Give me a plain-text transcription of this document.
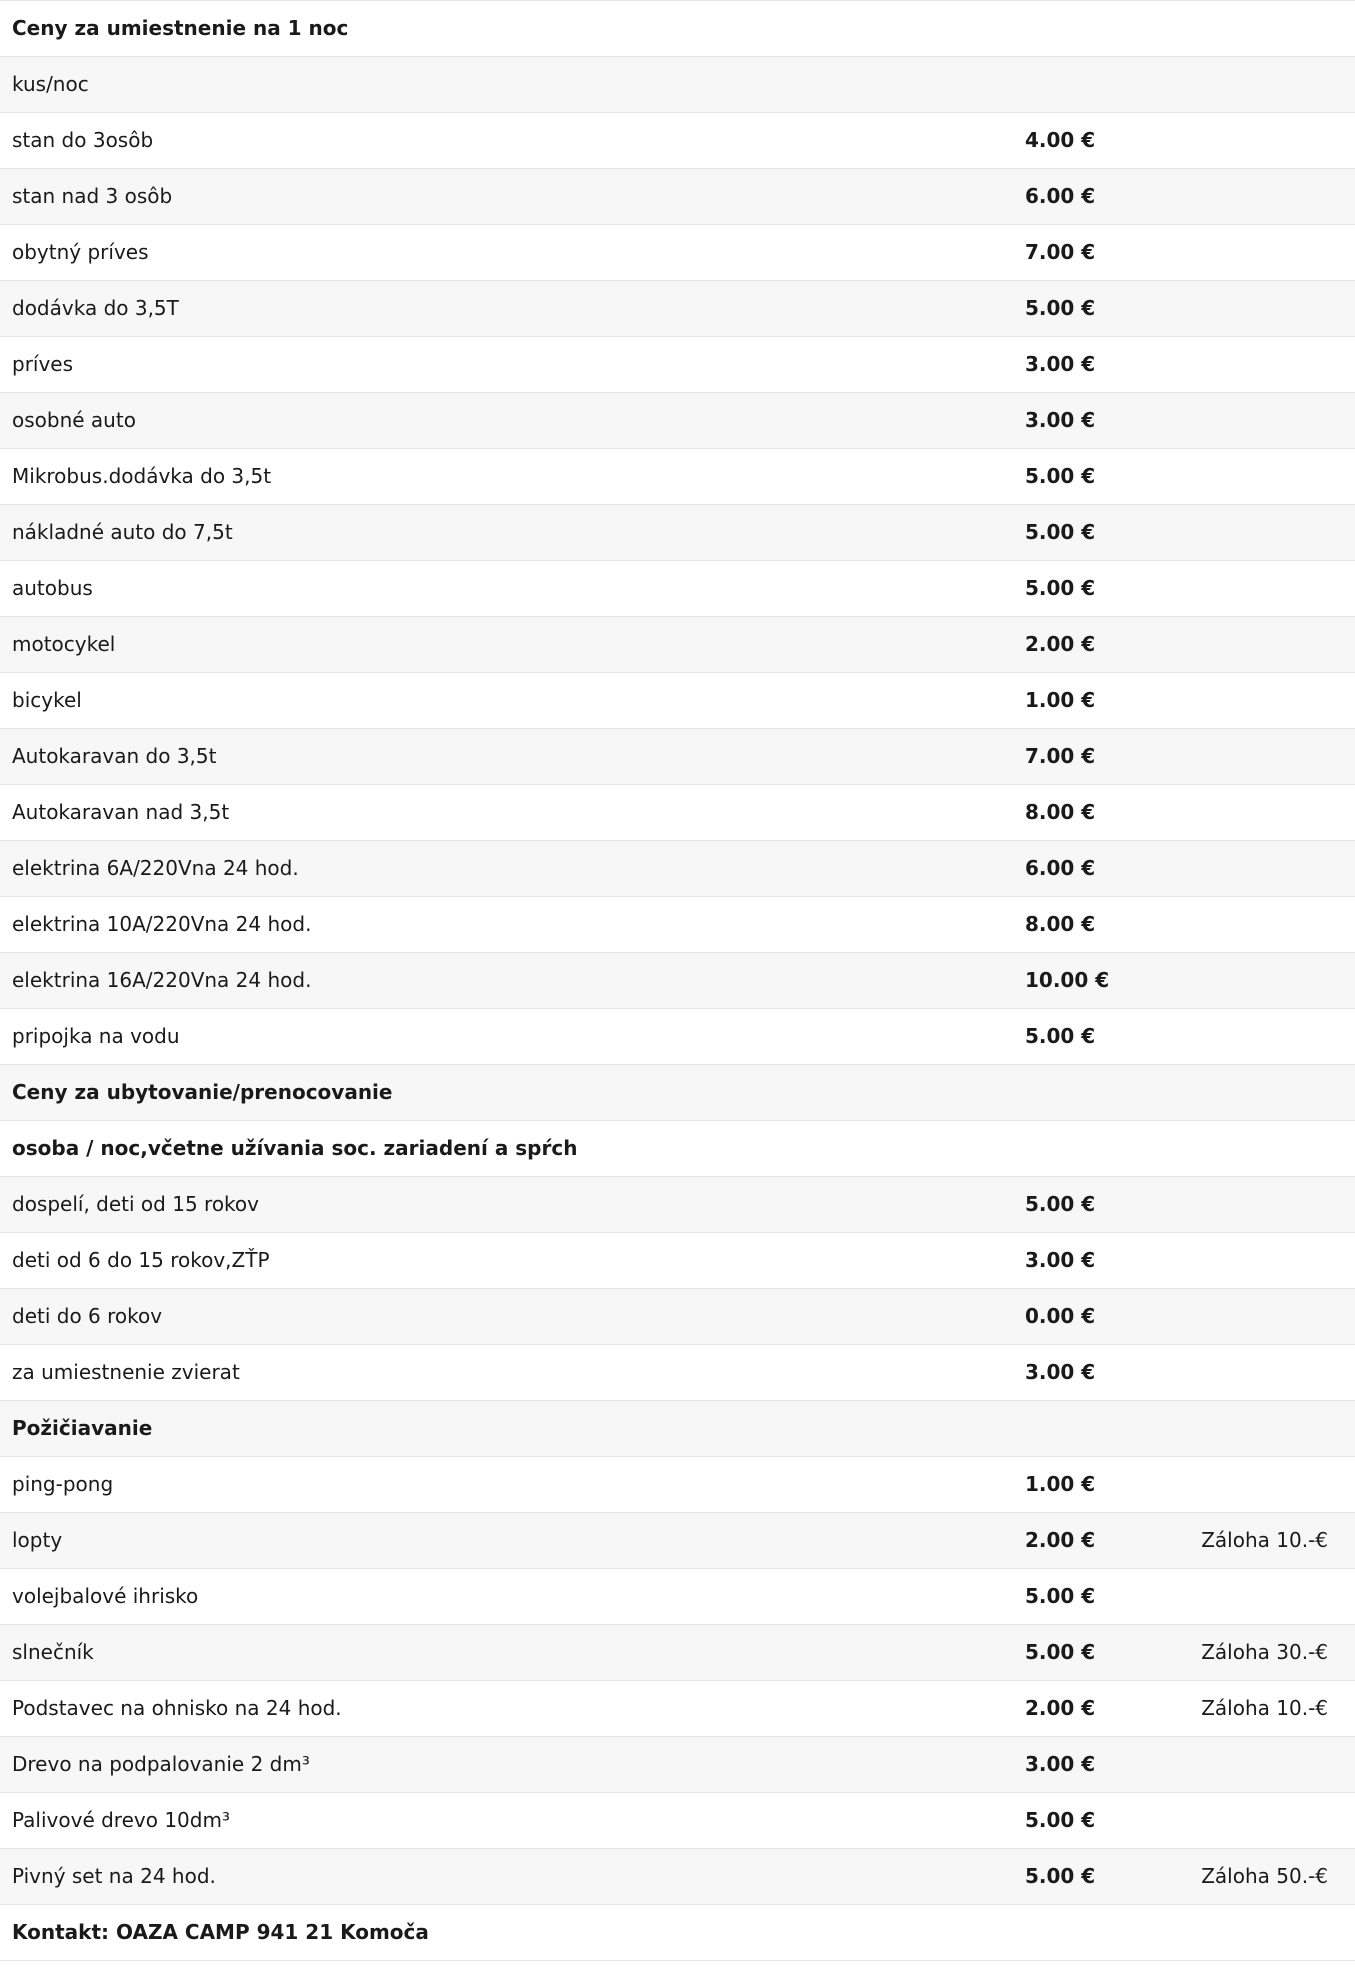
Ceny za umiestnenie na 1 noc		
kus/noc		
stan do 3osôb	4.00 €	
stan nad 3 osôb	6.00 €	
obytný príves	7.00 €	
dodávka do 3,5T	5.00 €	
príves	3.00 €	
osobné auto	3.00 €	
Mikrobus.dodávka do 3,5t	5.00 €	
nákladné auto do 7,5t	5.00 €	
autobus	5.00 €	
motocykel	2.00 €	
bicykel	1.00 €	
Autokaravan do 3,5t	7.00 €	
Autokaravan nad 3,5t	8.00 €	
elektrina 6A/220Vna 24 hod.	6.00 €	
elektrina 10A/220Vna 24 hod.	8.00 €	
elektrina 16A/220Vna 24 hod.	10.00 €	
pripojka na vodu	5.00 €	
Ceny za ubytovanie/prenocovanie		
osoba / noc,včetne užívania soc. zariadení a spŕch		
dospelí, deti od 15 rokov	5.00 €	
deti od 6 do 15 rokov,ZŤP	3.00 €	
deti do 6 rokov	0.00 €	
za umiestnenie zvierat	3.00 €	
Požičiavanie		
ping-pong	1.00 €	
lopty	2.00 €	Záloha 10.-€
volejbalové ihrisko	5.00 €	
slnečník	5.00 €	Záloha 30.-€
Podstavec na ohnisko na 24 hod.	2.00 €	Záloha 10.-€
Drevo na podpalovanie 2 dm³	3.00 €	
Palivové drevo 10dm³	5.00 €	
Pivný set na 24 hod.	5.00 €	Záloha 50.-€
Kontakt: OAZA CAMP 941 21 Komoča		
